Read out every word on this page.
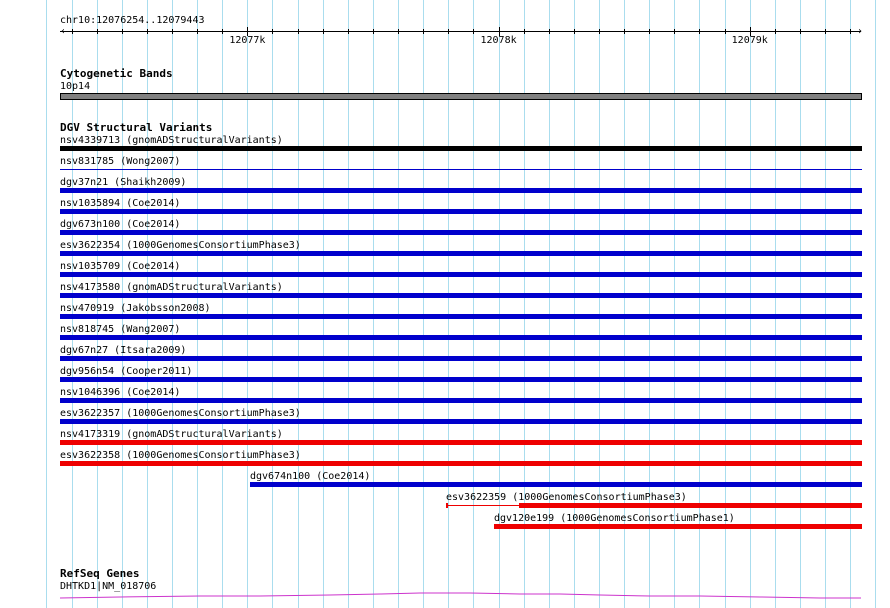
chr10:12076254..12079443
‹	›
12077k	12078k	12079k
Cytogenetic Bands
10p14
DGV Structural Variants
nsv4339713 (gnomADStructuralVariants)
nsv831785 (Wong2007)
dgv37n21 (Shaikh2009)
nsv1035894 (Coe2014)
dgv673n100 (Coe2014)
esv3622354 (1000GenomesConsortiumPhase3)
nsv1035709 (Coe2014)
nsv4173580 (gnomADStructuralVariants)
nsv470919 (Jakobsson2008)
nsv818745 (Wang2007)
dgv67n27 (Itsara2009)
dgv956n54 (Cooper2011)
nsv1046396 (Coe2014)
esv3622357 (1000GenomesConsortiumPhase3)
nsv4173319 (gnomADStructuralVariants)
esv3622358 (1000GenomesConsortiumPhase3)
dgv674n100 (Coe2014)
esv3622359 (1000GenomesConsortiumPhase3)
dgv120e199 (1000GenomesConsortiumPhase1)
RefSeq Genes
DHTKD1|NM_018706
